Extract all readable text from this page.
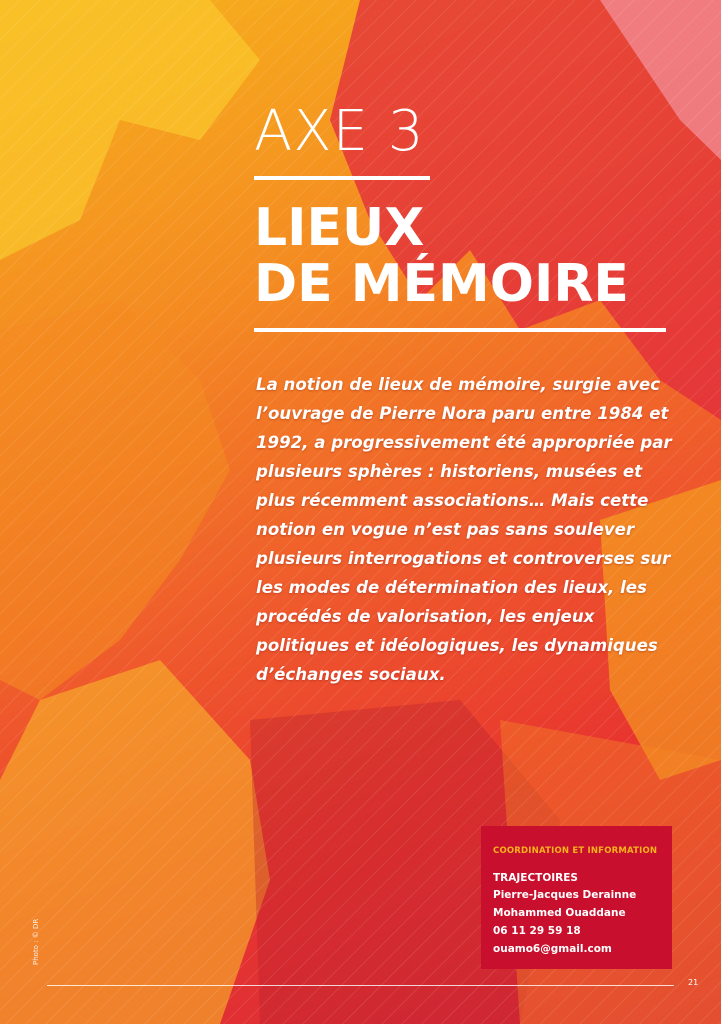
AXE 3
LIEUX
DE MÉMOIRE

La notion de lieux de mémoire, surgie avec l’ouvrage de Pierre Nora paru entre 1984 et 1992, a progressivement été appropriée par plusieurs sphères : historiens, musées et plus récemment associations… Mais cette notion en vogue n’est pas sans soulever plusieurs interrogations et controverses sur les modes de détermination des lieux, les procédés de valorisation, les enjeux politiques et idéologiques, les dynamiques d’échanges sociaux.

COORDINATION ET INFORMATION
TRAJECTOIRES
Pierre-Jacques Derainne
Mohammed Ouaddane
06 11 29 59 18
ouamo6@gmail.com
Photo : © DR
21
